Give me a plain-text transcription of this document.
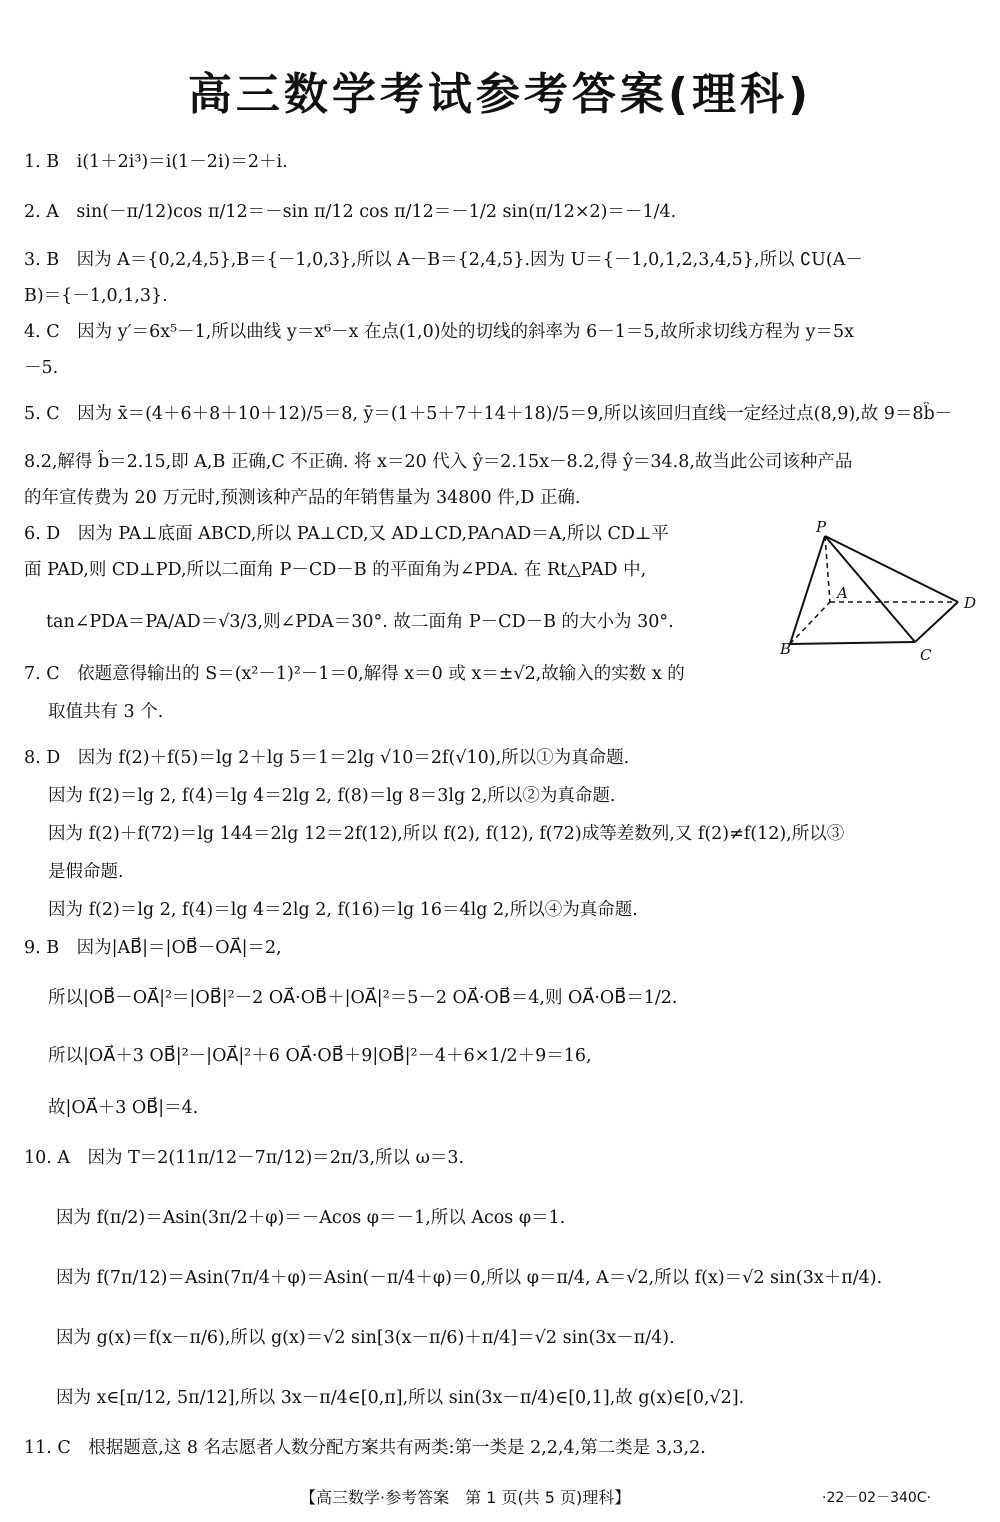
高三数学考试参考答案(理科)
1. B　i(1＋2i³)＝i(1－2i)＝2＋i.
2. A　sin(－π/12)cos π/12＝－sin π/12 cos π/12＝－1/2 sin(π/12×2)＝－1/4.
3. B　因为 A＝{0,2,4,5},B＝{－1,0,3},所以 A－B＝{2,4,5}.因为 U＝{－1,0,1,2,3,4,5},所以 ∁U(A－
B)＝{－1,0,1,3}.
4. C　因为 y′＝6x⁵－1,所以曲线 y＝x⁶－x 在点(1,0)处的切线的斜率为 6－1＝5,故所求切线方程为 y＝5x
－5.
5. C　因为 x̄＝(4＋6＋8＋10＋12)/5＝8, ȳ＝(1＋5＋7＋14＋18)/5＝9,所以该回归直线一定经过点(8,9),故 9＝8b̂－
8.2,解得 b̂＝2.15,即 A,B 正确,C 不正确. 将 x＝20 代入 ŷ＝2.15x－8.2,得 ŷ＝34.8,故当此公司该种产品
的年宣传费为 20 万元时,预测该种产品的年销售量为 34800 件,D 正确.
6. D　因为 PA⊥底面 ABCD,所以 PA⊥CD,又 AD⊥CD,PA∩AD＝A,所以 CD⊥平
面 PAD,则 CD⊥PD,所以二面角 P－CD－B 的平面角为∠PDA. 在 Rt△PAD 中,
tan∠PDA＝PA/AD＝√3/3,则∠PDA＝30°. 故二面角 P－CD－B 的大小为 30°.
7. C　依题意得输出的 S＝(x²－1)²－1＝0,解得 x＝0 或 x＝±√2,故输入的实数 x 的
取值共有 3 个.
8. D　因为 f(2)＋f(5)＝lg 2＋lg 5＝1＝2lg √10＝2f(√10),所以①为真命题.
因为 f(2)＝lg 2, f(4)＝lg 4＝2lg 2, f(8)＝lg 8＝3lg 2,所以②为真命题.
因为 f(2)＋f(72)＝lg 144＝2lg 12＝2f(12),所以 f(2), f(12), f(72)成等差数列,又 f(2)≠f(12),所以③
是假命题.
因为 f(2)＝lg 2, f(4)＝lg 4＝2lg 2, f(16)＝lg 16＝4lg 2,所以④为真命题.
9. B　因为|AB⃗|＝|OB⃗－OA⃗|＝2,
所以|OB⃗－OA⃗|²＝|OB⃗|²－2 OA⃗·OB⃗＋|OA⃗|²＝5－2 OA⃗·OB⃗＝4,则 OA⃗·OB⃗＝1/2.
所以|OA⃗＋3 OB⃗|²－|OA⃗|²＋6 OA⃗·OB⃗＋9|OB⃗|²－4＋6×1/2＋9＝16,
故|OA⃗＋3 OB⃗|＝4.
10. A　因为 T＝2(11π/12－7π/12)＝2π/3,所以 ω＝3.
因为 f(π/2)＝Asin(3π/2＋φ)＝－Acos φ＝－1,所以 Acos φ＝1.
因为 f(7π/12)＝Asin(7π/4＋φ)＝Asin(－π/4＋φ)＝0,所以 φ＝π/4, A＝√2,所以 f(x)＝√2 sin(3x＋π/4).
因为 g(x)＝f(x－π/6),所以 g(x)＝√2 sin[3(x－π/6)＋π/4]＝√2 sin(3x－π/4).
因为 x∈[π/12, 5π/12],所以 3x－π/4∈[0,π],所以 sin(3x－π/4)∈[0,1],故 g(x)∈[0,√2].
11. C　根据题意,这 8 名志愿者人数分配方案共有两类:第一类是 2,2,4,第二类是 3,3,2.
P
A
D
B	C
【高三数学·参考答案　第 1 页(共 5 页)理科】	·22－02－340C·
